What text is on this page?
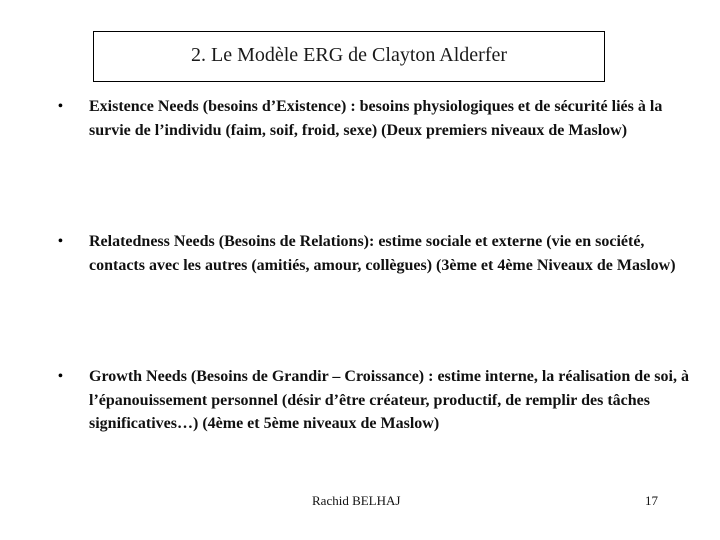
2. Le Modèle ERG de Clayton Alderfer
• Existence Needs (besoins d’Existence) : besoins physiologiques et de sécurité liés à la survie de l’individu (faim, soif, froid, sexe) (Deux premiers niveaux de Maslow)
• Relatedness Needs (Besoins de Relations): estime sociale et externe (vie en société, contacts avec les autres (amitiés, amour, collègues) (3ème et 4ème Niveaux de Maslow)
• Growth Needs (Besoins de Grandir – Croissance) : estime interne, la réalisation de soi, à l’épanouissement personnel (désir d’être créateur, productif, de remplir des tâches significatives…) (4ème et 5ème niveaux de Maslow)
Rachid BELHAJ	17
